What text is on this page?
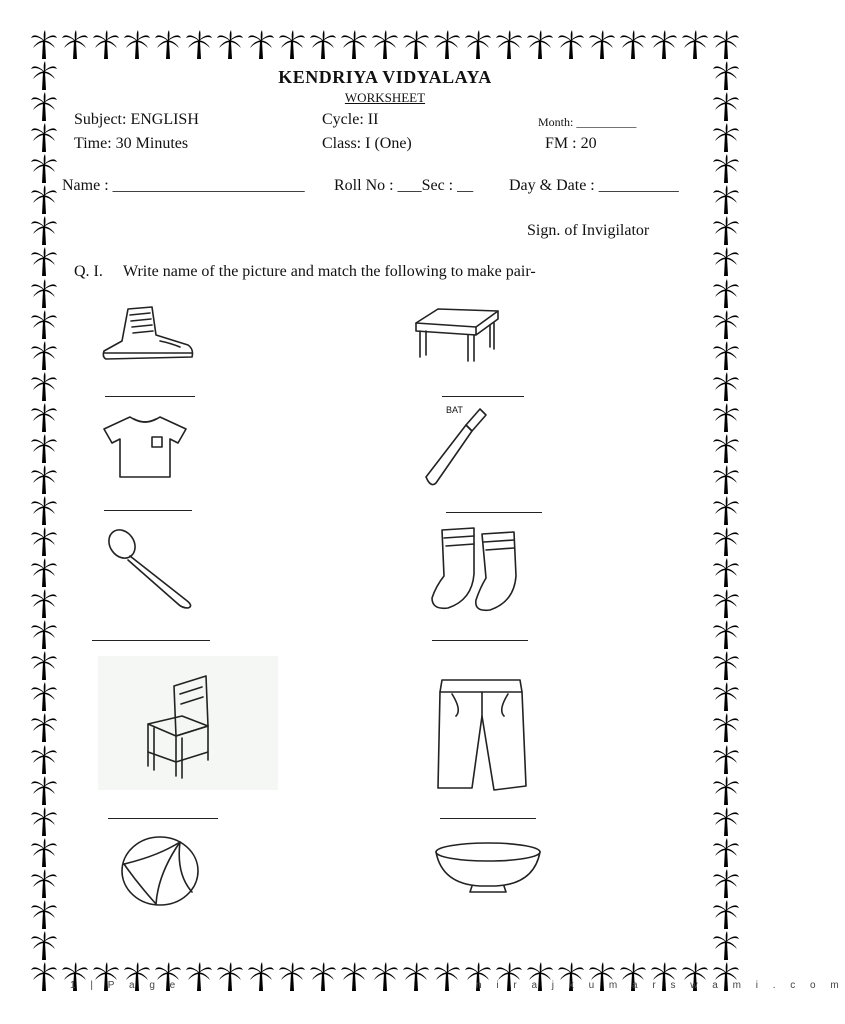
KENDRIYA VIDYALAYA
WORKSHEET
Subject: ENGLISH	Cycle: II	Month: __________
Time: 30 Minutes	Class: I (One)	FM : 20
Name : ________________________ Roll No : ___Sec : __ Day & Date : __________
Sign. of Invigilator
Q. I. Write name of the picture and match the following to make pair-
BAT
1 | P a g e	n i r a j k u m a r s w a m i . c o m
